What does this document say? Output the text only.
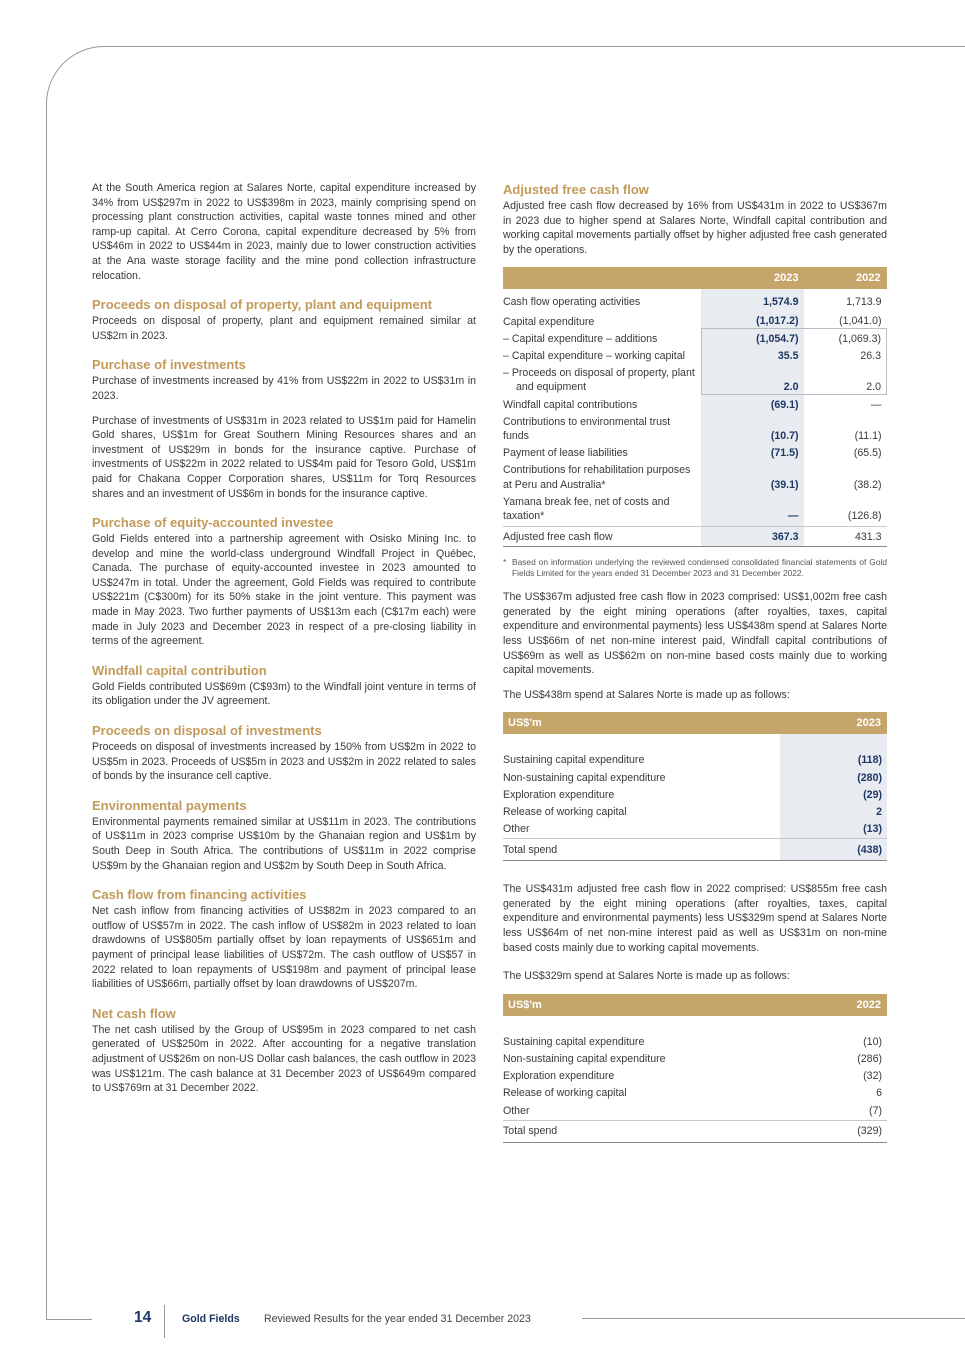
At the South America region at Salares Norte, capital expenditure increased by 34% from US$297m in 2022 to US$398m in 2023, mainly comprising spend on processing plant construction activities, capital waste tonnes mined and other ramp-up capital. At Cerro Corona, capital expenditure decreased by 5% from US$46m in 2022 to US$44m in 2023, mainly due to lower construction activities at the Ana waste storage facility and the mine pond collection infrastructure relocation.

Proceeds on disposal of property, plant and equipment

Proceeds on disposal of property, plant and equipment remained similar at US$2m in 2023.

Purchase of investments

Purchase of investments increased by 41% from US$22m in 2022 to US$31m in 2023.

Purchase of investments of US$31m in 2023 related to US$1m paid for Hamelin Gold shares, US$1m for Great Southern Mining Resources shares and an investment of US$29m in bonds for the insurance captive. Purchase of investments of US$22m in 2022 related to US$4m paid for Tesoro Gold, US$1m paid for Chakana Copper Corporation shares, US$11m for Torq Resources shares and an investment of US$6m in bonds for the insurance captive.

Purchase of equity-accounted investee

Gold Fields entered into a partnership agreement with Osisko Mining Inc. to develop and mine the world-class underground Windfall Project in Québec, Canada. The purchase of equity-accounted investee in 2023 amounted to US$247m in total. Under the agreement, Gold Fields was required to contribute US$221m (C$300m) for its 50% stake in the joint venture. This payment was made in May 2023. Two further payments of US$13m each (C$17m each) were made in July 2023 and December 2023 in respect of a pre-closing liability in terms of the agreement.

Windfall capital contribution

Gold Fields contributed US$69m (C$93m) to the Windfall joint venture in terms of its obligation under the JV agreement.

Proceeds on disposal of investments

Proceeds on disposal of investments increased by 150% from US$2m in 2022 to US$5m in 2023. Proceeds of US$5m in 2023 and US$2m in 2022 related to sales of bonds by the insurance cell captive.

Environmental payments

Environmental payments remained similar at US$11m in 2023. The contributions of US$11m in 2023 comprise US$10m by the Ghanaian region and US$1m by South Deep in South Africa. The contributions of US$11m in 2022 comprise US$9m by the Ghanaian region and US$2m by South Deep in South Africa.

Cash flow from financing activities

Net cash inflow from financing activities of US$82m in 2023 compared to an outflow of US$57m in 2022. The cash inflow of US$82m in 2023 related to loan drawdowns of US$805m partially offset by loan repayments of US$651m and payment of principal lease liabilities of US$72m. The cash outflow of US$57 in 2022 related to loan repayments of US$198m and payment of principal lease liabilities of US$66m, partially offset by loan drawdowns of US$207m.

Net cash flow

The net cash utilised by the Group of US$95m in 2023 compared to net cash generated of US$250m in 2022. After accounting for a negative translation adjustment of US$26m on non-US Dollar cash balances, the cash outflow in 2023 was US$121m. The cash balance at 31 December 2023 of US$649m compared to US$769m at 31 December 2022.

Adjusted free cash flow

Adjusted free cash flow decreased by 16% from US$431m in 2022 to US$367m in 2023 due to higher spend at Salares Norte, Windfall capital contribution and working capital movements partially offset by higher adjusted free cash generated by the operations.

	2023	2022

Cash flow operating activities	1,574.9	1,713.9
Capital expenditure	(1,017.2)	(1,041.0)
– Capital expenditure – additions	(1,054.7)	(1,069.3)
– Capital expenditure – working capital	35.5	26.3
– Proceeds on disposal of property, plant and equipment	2.0	2.0
Windfall capital contributions	(69.1)	—
Contributions to environmental trust funds	(10.7)	(11.1)
Payment of lease liabilities	(71.5)	(65.5)
Contributions for rehabilitation purposes at Peru and Australia*	(39.1)	(38.2)
Yamana break fee, net of costs and taxation*	—	(126.8)
Adjusted free cash flow	367.3	431.3
* Based on information underlying the reviewed condensed consolidated financial statements of Gold Fields Limited for the years ended 31 December 2023 and 31 December 2022.

The US$367m adjusted free cash flow in 2023 comprised: US$1,002m free cash generated by the eight mining operations (after royalties, taxes, capital expenditure and environmental payments) less US$438m spend at Salares Norte less US$66m of net non-mine interest paid, Windfall capital contributions of US$69m as well as US$62m on non-mine based costs mainly due to working capital movements.

The US$438m spend at Salares Norte is made up as follows:

US$'m	2023

Sustaining capital expenditure	(118)
Non-sustaining capital expenditure	(280)
Exploration expenditure	(29)
Release of working capital	2
Other	(13)
Total spend	(438)

The US$431m adjusted free cash flow in 2022 comprised: US$855m free cash generated by the eight mining operations (after royalties, taxes, capital expenditure and environmental payments) less US$329m spend at Salares Norte less US$64m of net non-mine interest paid as well as US$31m on non-mine based costs mainly due to working capital movements.

The US$329m spend at Salares Norte is made up as follows:

US$'m	2022

Sustaining capital expenditure	(10)
Non-sustaining capital expenditure	(286)
Exploration expenditure	(32)
Release of working capital	6
Other	(7)
Total spend	(329)
14	Gold Fields Reviewed Results for the year ended 31 December 2023
